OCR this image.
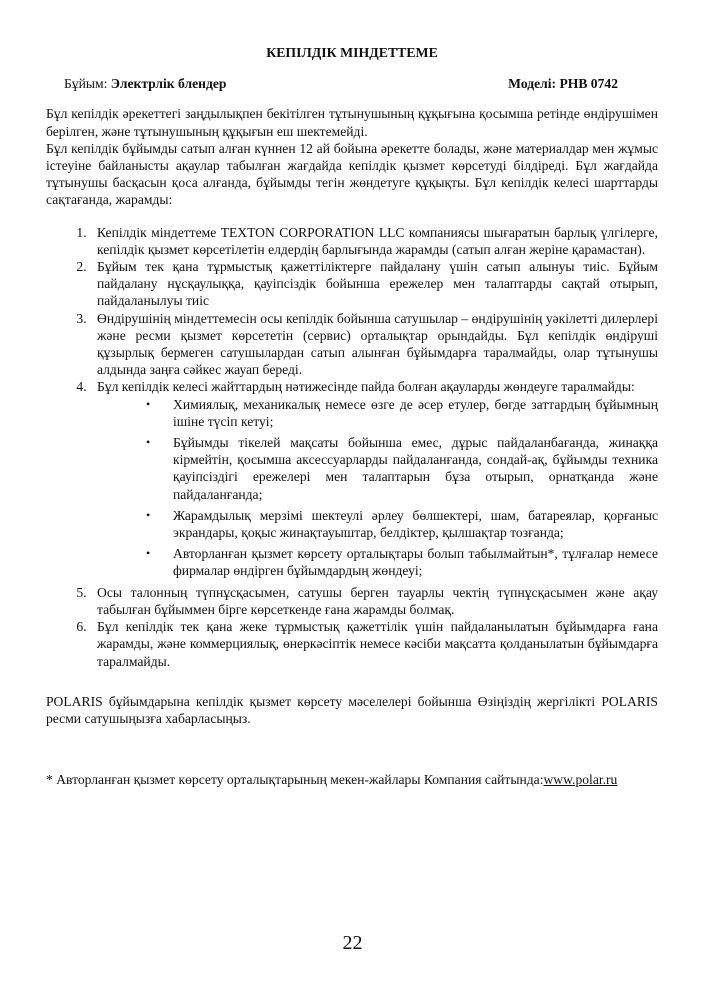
КЕПІЛДІК МІНДЕТТЕМЕ
Бұйым: Электрлік блендер	Моделі: PHB 0742

Бұл кепілдік әрекеттегі заңдылықпен бекітілген тұтынушының құқығына қосымша ретінде өндірушімен берілген, және тұтынушының құқығын еш шектемейді.

Бұл кепілдік бұйымды сатып алған күннен 12 ай бойына әрекетте болады, және материалдар мен жұмыс істеуіне байланысты ақаулар табылған жағдайда кепілдік қызмет көрсетуді білдіреді. Бұл жағдайда тұтынушы басқасын қоса алғанда, бұйымды тегін жөндетуге құқықты. Бұл кепілдік келесі шарттарды сақтағанда, жарамды:

1. Кепілдік міндеттеме TEXTON CORPORATION LLC компаниясы шығаратын барлық үлгілерге, кепілдік қызмет көрсетілетін елдердің барлығында жарамды (сатып алған жеріне қарамастан).
2. Бұйым тек қана тұрмыстық қажеттіліктерге пайдалану үшін сатып алынуы тиіс. Бұйым пайдалану нұсқаулыққа, қауіпсіздік бойынша ережелер мен талаптарды сақтай отырып, пайдаланылуы тиіс
3. Өндірушінің міндеттемесін осы кепілдік бойынша сатушылар – өндірушінің уәкілетті дилерлері және ресми қызмет көрсететін (сервис) орталықтар орындайды. Бұл кепілдік өндіруші құзырлық бермеген сатушылардан сатып алынған бұйымдарға таралмайды, олар тұтынушы алдында заңға сәйкес жауап береді.
4. Бұл кепілдік келесі жайттардың нәтижесінде пайда болған ақауларды жөндеуге таралмайды:
• Химиялық, механикалық немесе өзге де әсер етулер, бөгде заттардың бұйымның ішіне түсіп кетуі;
• Бұйымды тікелей мақсаты бойынша емес, дұрыс пайдаланбағанда, жинаққа кірмейтін, қосымша аксессуарларды пайдаланғанда, сондай-ақ, бұйымды техника қауіпсіздігі ережелері мен талаптарын бұза отырып, орнатқанда және пайдаланғанда;
• Жарамдылық мерзімі шектеулі әрлеу бөлшектері, шам, батареялар, қорғаныс экрандары, қоқыс жинақтауыштар, белдіктер, қылшақтар тозғанда;
• Авторланған қызмет көрсету орталықтары болып табылмайтын*, тұлғалар немесе фирмалар өндірген бұйымдардың жөндеуі;
5. Осы талонның түпнұсқасымен, сатушы берген тауарлы чектің түпнұсқасымен және ақау табылған бұйыммен бірге көрсеткенде ғана жарамды болмақ.
6. Бұл кепілдік тек қана жеке тұрмыстық қажеттілік үшін пайдаланылатын бұйымдарға ғана жарамды, және коммерциялық, өнеркәсіптік немесе кәсіби мақсатта қолданылатын бұйымдарға таралмайды.

POLARIS бұйымдарына кепілдік қызмет көрсету мәселелері бойынша Өзіңіздің жергілікті POLARIS ресми сатушыңызға хабарласыңыз.

* Авторланған қызмет көрсету орталықтарының мекен-жайлары Компания сайтында:www.polar.ru

22
